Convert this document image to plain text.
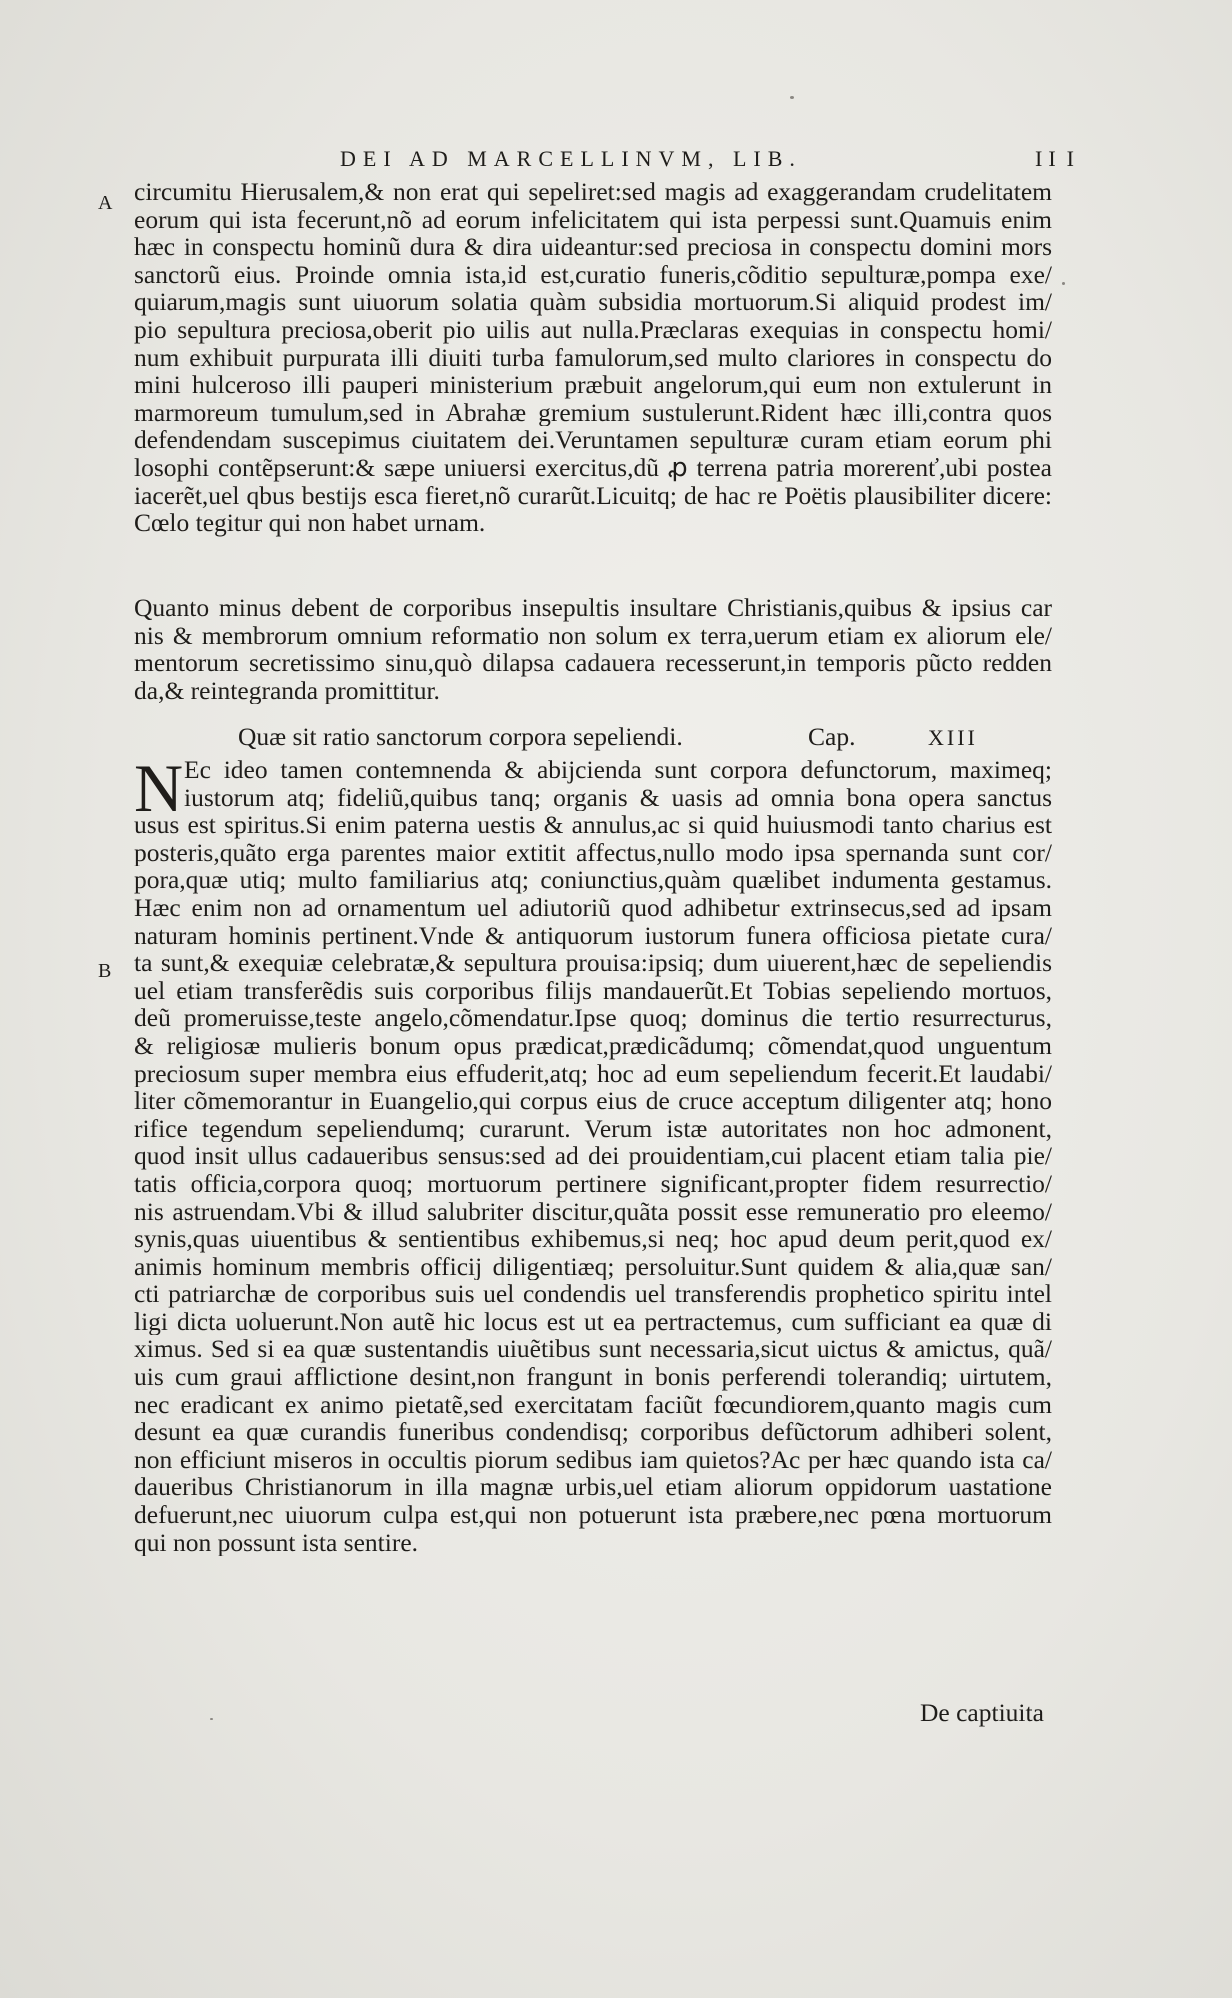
DEI AD MARCELLINVM, LIB.	I
II
A
B
circumitu Hierusalem,& non erat qui sepeliret:sed magis ad exaggerandam crudelitatem
eorum qui ista fecerunt,nõ ad eorum infelicitatem qui ista perpessi sunt.Quamuis enim
hæc in conspectu hominũ dura & dira uideantur:sed preciosa in conspectu domini mors
sanctorũ eius. Proinde omnia ista,id est,curatio funeris,cõditio sepulturæ,pompa exe/
quiarum,magis sunt uiuorum solatia quàm subsidia mortuorum.Si aliquid prodest im/
pio sepultura preciosa,oberit pio uilis aut nulla.Præclaras exequias in conspectu homi/
num exhibuit purpurata illi diuiti turba famulorum,sed multo clariores in conspectu do
mini hulceroso illi pauperi ministerium præbuit angelorum,qui eum non extulerunt in
marmoreum tumulum,sed in Abrahæ gremium sustulerunt.Rident hæc illi,contra quos
defendendam suscepimus ciuitatem dei.Veruntamen sepulturæ curam etiam eorum phi
losophi contẽpserunt:& sæpe uniuersi exercitus,dũ ꝓ terrena patria morerenť,ubi postea
iacerẽt,uel qbus bestijs esca fieret,nõ curarũt.Licuitq; de hac re Poëtis plausibiliter dicere:
Cœlo tegitur qui non habet urnam.
Quanto minus debent de corporibus insepultis insultare Christianis,quibus & ipsius car
nis & membrorum omnium reformatio non solum ex terra,uerum etiam ex aliorum ele/
mentorum secretissimo sinu,quò dilapsa cadauera recesserunt,in temporis pũcto redden
da,& reintegranda promittitur.
Quæ sit ratio sanctorum corpora sepeliendi.	Cap.	XIII
N Ec ideo tamen contemnenda & abijcienda sunt corpora defunctorum, maximeq;
iustorum atq; fideliũ,quibus tanq; organis & uasis ad omnia bona opera sanctus
usus est spiritus.Si enim paterna uestis & annulus,ac si quid huiusmodi tanto charius est
posteris,quãto erga parentes maior extitit affectus,nullo modo ipsa spernanda sunt cor/
pora,quæ utiq; multo familiarius atq; coniunctius,quàm quælibet indumenta gestamus.
Hæc enim non ad ornamentum uel adiutoriũ quod adhibetur extrinsecus,sed ad ipsam
naturam hominis pertinent.Vnde & antiquorum iustorum funera officiosa pietate cura/
ta sunt,& exequiæ celebratæ,& sepultura prouisa:ipsiq; dum uiuerent,hæc de sepeliendis
uel etiam transferẽdis suis corporibus filijs mandauerũt.Et Tobias sepeliendo mortuos,
deũ promeruisse,teste angelo,cõmendatur.Ipse quoq; dominus die tertio resurrecturus,
& religiosæ mulieris bonum opus prædicat,prædicãdumq; cõmendat,quod unguentum
preciosum super membra eius effuderit,atq; hoc ad eum sepeliendum fecerit.Et laudabi/
liter cõmemorantur in Euangelio,qui corpus eius de cruce acceptum diligenter atq; hono
rifice tegendum sepeliendumq; curarunt. Verum istæ autoritates non hoc admonent,
quod insit ullus cadaueribus sensus:sed ad dei prouidentiam,cui placent etiam talia pie/
tatis officia,corpora quoq; mortuorum pertinere significant,propter fidem resurrectio/
nis astruendam.Vbi & illud salubriter discitur,quãta possit esse remuneratio pro eleemo/
synis,quas uiuentibus & sentientibus exhibemus,si neq; hoc apud deum perit,quod ex/
animis hominum membris officij diligentiæq; persoluitur.Sunt quidem & alia,quæ san/
cti patriarchæ de corporibus suis uel condendis uel transferendis prophetico spiritu intel
ligi dicta uoluerunt.Non autẽ hic locus est ut ea pertractemus, cum sufficiant ea quæ di
ximus. Sed si ea quæ sustentandis uiuẽtibus sunt necessaria,sicut uictus & amictus, quã/
uis cum graui afflictione desint,non frangunt in bonis perferendi tolerandiq; uirtutem,
nec eradicant ex animo pietatẽ,sed exercitatam faciũt fœcundiorem,quanto magis cum
desunt ea quæ curandis funeribus condendisq; corporibus defũctorum adhiberi solent,
non efficiunt miseros in occultis piorum sedibus iam quietos?Ac per hæc quando ista ca/
daueribus Christianorum in illa magnæ urbis,uel etiam aliorum oppidorum uastatione
defuerunt,nec uiuorum culpa est,qui non potuerunt ista præbere,nec pœna mortuorum
qui non possunt ista sentire.
De captiuita
